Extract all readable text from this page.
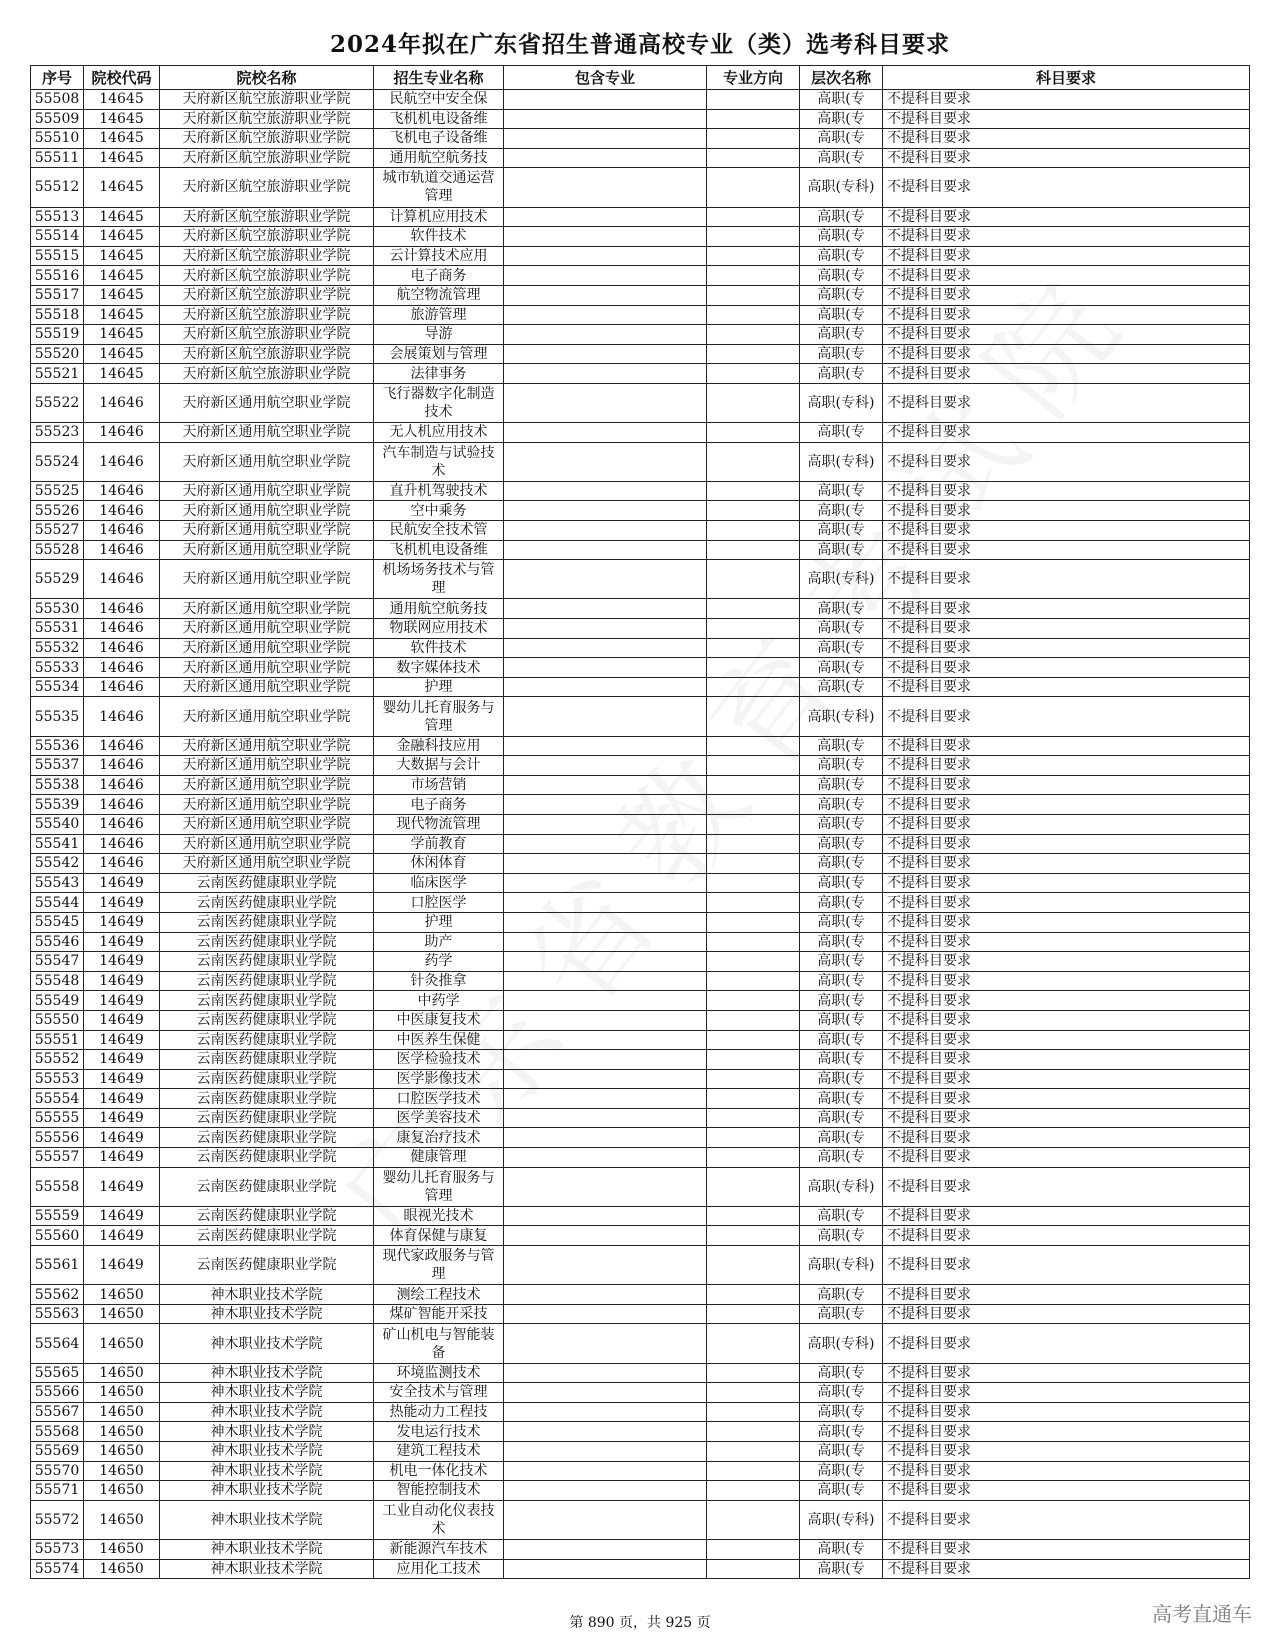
2024年拟在广东省招生普通高校专业（类）选考科目要求
序号	院校代码	院校名称	招生专业名称	包含专业	专业方向	层次名称	科目要求
55508	14645	天府新区航空旅游职业学院	民航空中安全保			高职(专	不提科目要求
55509	14645	天府新区航空旅游职业学院	飞机机电设备维			高职(专	不提科目要求
55510	14645	天府新区航空旅游职业学院	飞机电子设备维			高职(专	不提科目要求
55511	14645	天府新区航空旅游职业学院	通用航空航务技			高职(专	不提科目要求
55512	14645	天府新区航空旅游职业学院	城市轨道交通运营管理			高职(专科)	不提科目要求
55513	14645	天府新区航空旅游职业学院	计算机应用技术			高职(专	不提科目要求
55514	14645	天府新区航空旅游职业学院	软件技术			高职(专	不提科目要求
55515	14645	天府新区航空旅游职业学院	云计算技术应用			高职(专	不提科目要求
55516	14645	天府新区航空旅游职业学院	电子商务			高职(专	不提科目要求
55517	14645	天府新区航空旅游职业学院	航空物流管理			高职(专	不提科目要求
55518	14645	天府新区航空旅游职业学院	旅游管理			高职(专	不提科目要求
55519	14645	天府新区航空旅游职业学院	导游			高职(专	不提科目要求
55520	14645	天府新区航空旅游职业学院	会展策划与管理			高职(专	不提科目要求
55521	14645	天府新区航空旅游职业学院	法律事务			高职(专	不提科目要求
55522	14646	天府新区通用航空职业学院	飞行器数字化制造技术			高职(专科)	不提科目要求
55523	14646	天府新区通用航空职业学院	无人机应用技术			高职(专	不提科目要求
55524	14646	天府新区通用航空职业学院	汽车制造与试验技术			高职(专科)	不提科目要求
55525	14646	天府新区通用航空职业学院	直升机驾驶技术			高职(专	不提科目要求
55526	14646	天府新区通用航空职业学院	空中乘务			高职(专	不提科目要求
55527	14646	天府新区通用航空职业学院	民航安全技术管			高职(专	不提科目要求
55528	14646	天府新区通用航空职业学院	飞机机电设备维			高职(专	不提科目要求
55529	14646	天府新区通用航空职业学院	机场场务技术与管理			高职(专科)	不提科目要求
55530	14646	天府新区通用航空职业学院	通用航空航务技			高职(专	不提科目要求
55531	14646	天府新区通用航空职业学院	物联网应用技术			高职(专	不提科目要求
55532	14646	天府新区通用航空职业学院	软件技术			高职(专	不提科目要求
55533	14646	天府新区通用航空职业学院	数字媒体技术			高职(专	不提科目要求
55534	14646	天府新区通用航空职业学院	护理			高职(专	不提科目要求
55535	14646	天府新区通用航空职业学院	婴幼儿托育服务与管理			高职(专科)	不提科目要求
55536	14646	天府新区通用航空职业学院	金融科技应用			高职(专	不提科目要求
55537	14646	天府新区通用航空职业学院	大数据与会计			高职(专	不提科目要求
55538	14646	天府新区通用航空职业学院	市场营销			高职(专	不提科目要求
55539	14646	天府新区通用航空职业学院	电子商务			高职(专	不提科目要求
55540	14646	天府新区通用航空职业学院	现代物流管理			高职(专	不提科目要求
55541	14646	天府新区通用航空职业学院	学前教育			高职(专	不提科目要求
55542	14646	天府新区通用航空职业学院	休闲体育			高职(专	不提科目要求
55543	14649	云南医药健康职业学院	临床医学			高职(专	不提科目要求
55544	14649	云南医药健康职业学院	口腔医学			高职(专	不提科目要求
55545	14649	云南医药健康职业学院	护理			高职(专	不提科目要求
55546	14649	云南医药健康职业学院	助产			高职(专	不提科目要求
55547	14649	云南医药健康职业学院	药学			高职(专	不提科目要求
55548	14649	云南医药健康职业学院	针灸推拿			高职(专	不提科目要求
55549	14649	云南医药健康职业学院	中药学			高职(专	不提科目要求
55550	14649	云南医药健康职业学院	中医康复技术			高职(专	不提科目要求
55551	14649	云南医药健康职业学院	中医养生保健			高职(专	不提科目要求
55552	14649	云南医药健康职业学院	医学检验技术			高职(专	不提科目要求
55553	14649	云南医药健康职业学院	医学影像技术			高职(专	不提科目要求
55554	14649	云南医药健康职业学院	口腔医学技术			高职(专	不提科目要求
55555	14649	云南医药健康职业学院	医学美容技术			高职(专	不提科目要求
55556	14649	云南医药健康职业学院	康复治疗技术			高职(专	不提科目要求
55557	14649	云南医药健康职业学院	健康管理			高职(专	不提科目要求
55558	14649	云南医药健康职业学院	婴幼儿托育服务与管理			高职(专科)	不提科目要求
55559	14649	云南医药健康职业学院	眼视光技术			高职(专	不提科目要求
55560	14649	云南医药健康职业学院	体育保健与康复			高职(专	不提科目要求
55561	14649	云南医药健康职业学院	现代家政服务与管理			高职(专科)	不提科目要求
55562	14650	神木职业技术学院	测绘工程技术			高职(专	不提科目要求
55563	14650	神木职业技术学院	煤矿智能开采技			高职(专	不提科目要求
55564	14650	神木职业技术学院	矿山机电与智能装备			高职(专科)	不提科目要求
55565	14650	神木职业技术学院	环境监测技术			高职(专	不提科目要求
55566	14650	神木职业技术学院	安全技术与管理			高职(专	不提科目要求
55567	14650	神木职业技术学院	热能动力工程技			高职(专	不提科目要求
55568	14650	神木职业技术学院	发电运行技术			高职(专	不提科目要求
55569	14650	神木职业技术学院	建筑工程技术			高职(专	不提科目要求
55570	14650	神木职业技术学院	机电一体化技术			高职(专	不提科目要求
55571	14650	神木职业技术学院	智能控制技术			高职(专	不提科目要求
55572	14650	神木职业技术学院	工业自动化仪表技术			高职(专科)	不提科目要求
55573	14650	神木职业技术学院	新能源汽车技术			高职(专	不提科目要求
55574	14650	神木职业技术学院	应用化工技术			高职(专	不提科目要求
第 890 页，共 925 页	高考直通车
